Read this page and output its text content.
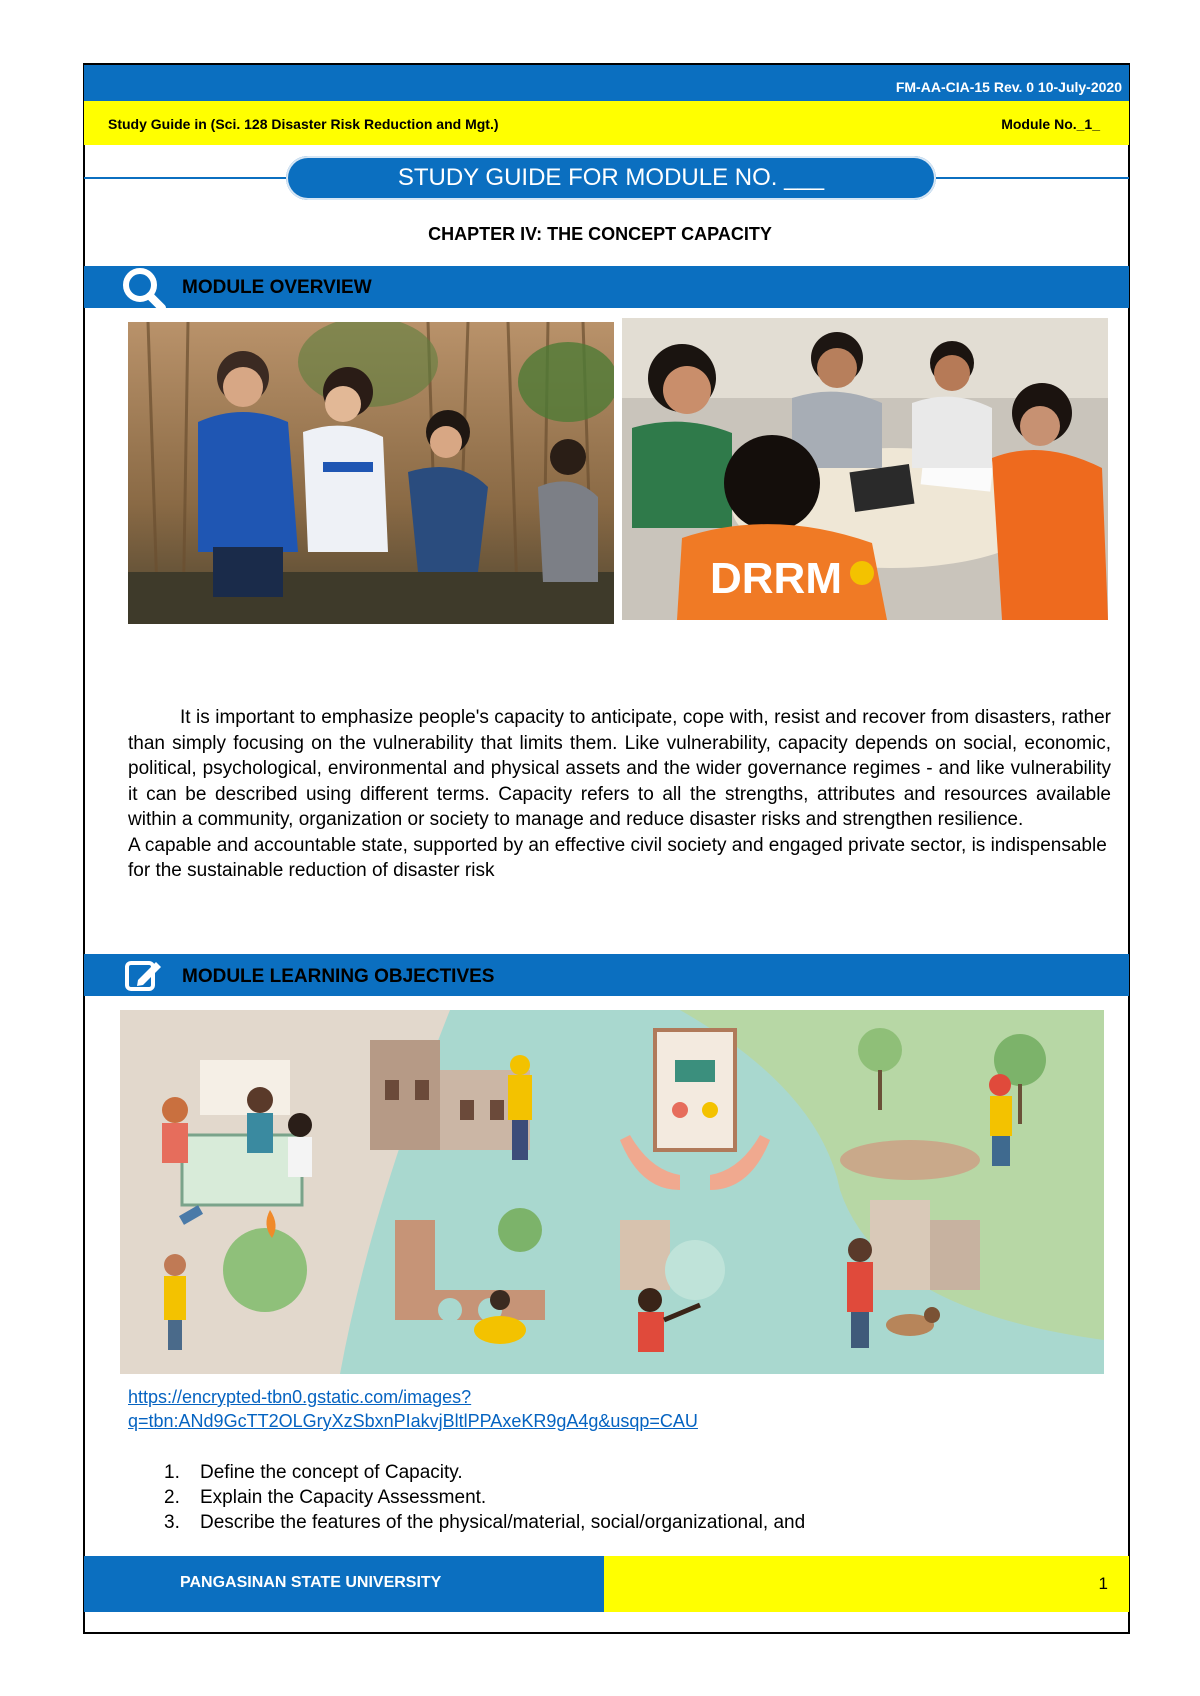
FM-AA-CIA-15 Rev. 0 10-July-2020
Study Guide in (Sci. 128 Disaster Risk Reduction and Mgt.)	Module No._1_
STUDY GUIDE FOR MODULE NO. ___
CHAPTER IV: THE CONCEPT CAPACITY
MODULE OVERVIEW
DRRM

It is important to emphasize people's capacity to anticipate, cope with, resist and recover from disasters, rather than simply focusing on the vulnerability that limits them. Like vulnerability, capacity depends on social, economic, political, psychological, environmental and physical assets and the wider governance regimes - and like vulnerability it can be described using different terms. Capacity refers to all the strengths, attributes and resources available within a community, organization or society to manage and reduce disaster risks and strengthen resilience.

A capable and accountable state, supported by an effective civil society and engaged private sector, is indispensable for the sustainable reduction of disaster risk

MODULE LEARNING OBJECTIVES
https://encrypted-tbn0.gstatic.com/images?
q=tbn:ANd9GcTT2OLGryXzSbxnPIakvjBltlPPAxeKR9gA4g&usqp=CAU
1. Define the concept of Capacity.
2. Explain the Capacity Assessment.
3. Describe the features of the physical/material, social/organizational, and
PANGASINAN STATE UNIVERSITY	1
